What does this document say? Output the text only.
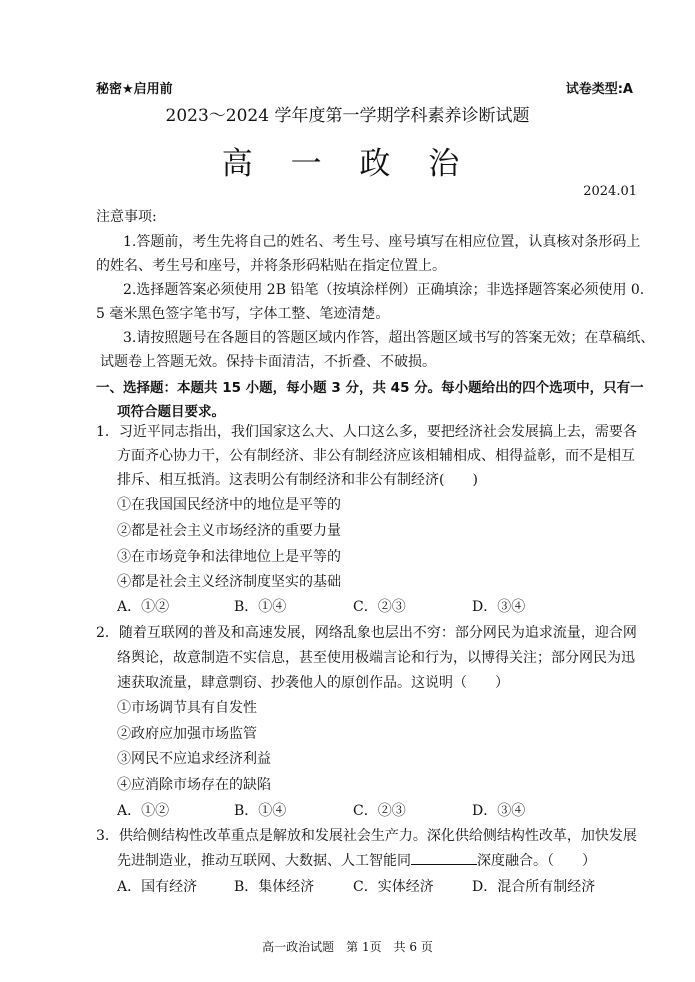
秘密★启用前	试卷类型:A
2023～2024 学年度第一学期学科素养诊断试题
高 一 政 治
2024.01
注意事项:
1.答题前，考生先将自己的姓名、考生号、座号填写在相应位置，认真核对条形码上
的姓名、考生号和座号，并将条形码粘贴在指定位置上。
2.选择题答案必须使用 2B 铅笔（按填涂样例）正确填涂；非选择题答案必须使用 0.
5 毫米黑色签字笔书写，字体工整、笔迹清楚。
3.请按照题号在各题目的答题区域内作答，超出答题区域书写的答案无效；在草稿纸、
试题卷上答题无效。保持卡面清洁，不折叠、不破损。
一、选择题：本题共 15 小题，每小题 3 分，共 45 分。每小题给出的四个选项中，只有一
项符合题目要求。
1．习近平同志指出，我们国家这么大、人口这么多，要把经济社会发展搞上去，需要各
方面齐心协力干，公有制经济、非公有制经济应该相辅相成、相得益彰，而不是相互
排斥、相互抵消。这表明公有制经济和非公有制经济(　　)
①在我国国民经济中的地位是平等的
②都是社会主义市场经济的重要力量
③在市场竞争和法律地位上是平等的
④都是社会主义经济制度坚实的基础
A．①②	B．①④	C．②③	D．③④
2．随着互联网的普及和高速发展，网络乱象也层出不穷：部分网民为追求流量，迎合网
络舆论，故意制造不实信息，甚至使用极端言论和行为，以博得关注；部分网民为迅
速获取流量，肆意剽窃、抄袭他人的原创作品。这说明（　　）
①市场调节具有自发性
②政府应加强市场监管
③网民不应追求经济利益
④应消除市场存在的缺陷
A．①②	B．①④	C．②③	D．③④
3．供给侧结构性改革重点是解放和发展社会生产力。深化供给侧结构性改革，加快发展
先进制造业，推动互联网、大数据、人工智能同	深度融合。（　　）
A．国有经济	B．集体经济	C．实体经济	D．混合所有制经济
高一政治试题　第 1页　共 6 页
